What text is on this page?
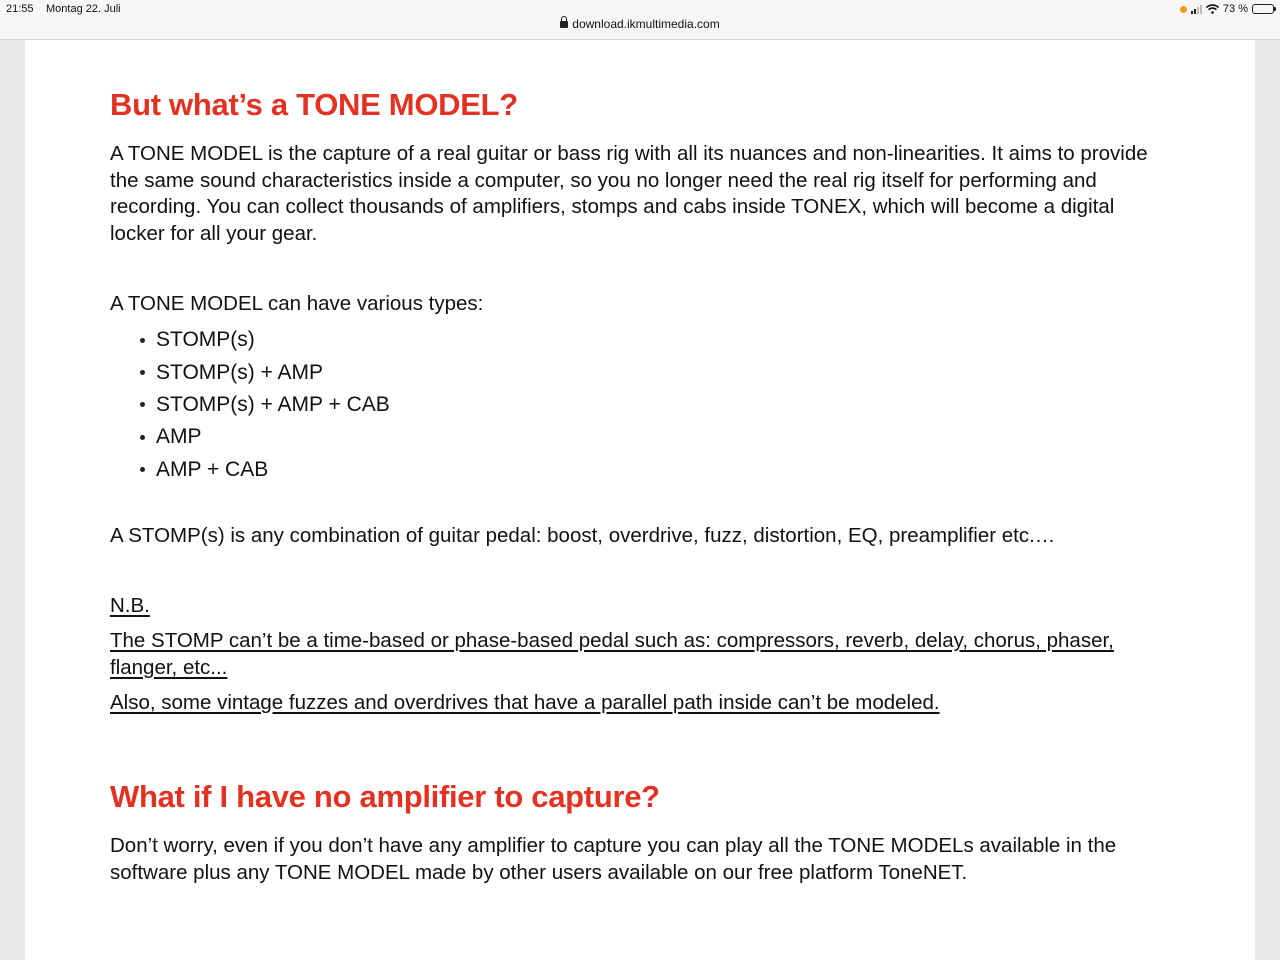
21:55 Montag 22. Juli
download.ikmultimedia.com
73 %
But what’s a TONE MODEL?

A TONE MODEL is the capture of a real guitar or bass rig with all its nuances and non-linearities. It aims to provide the same sound characteristics inside a computer, so you no longer need the real rig itself for performing and recording. You can collect thousands of amplifiers, stomps and cabs inside TONEX, which will become a digital locker for all your gear.

A TONE MODEL can have various types:

STOMP(s)
STOMP(s) + AMP
STOMP(s) + AMP + CAB
AMP
AMP + CAB

A STOMP(s) is any combination of guitar pedal: boost, overdrive, fuzz, distortion, EQ, preamplifier etc.…

N.B.

The STOMP can’t be a time-based or phase-based pedal such as: compressors, reverb, delay, chorus, phaser, flanger, etc...

Also, some vintage fuzzes and overdrives that have a parallel path inside can’t be modeled.

What if I have no amplifier to capture?

Don’t worry, even if you don’t have any amplifier to capture you can play all the TONE MODELs available in the software plus any TONE MODEL made by other users available on our free platform ToneNET.
